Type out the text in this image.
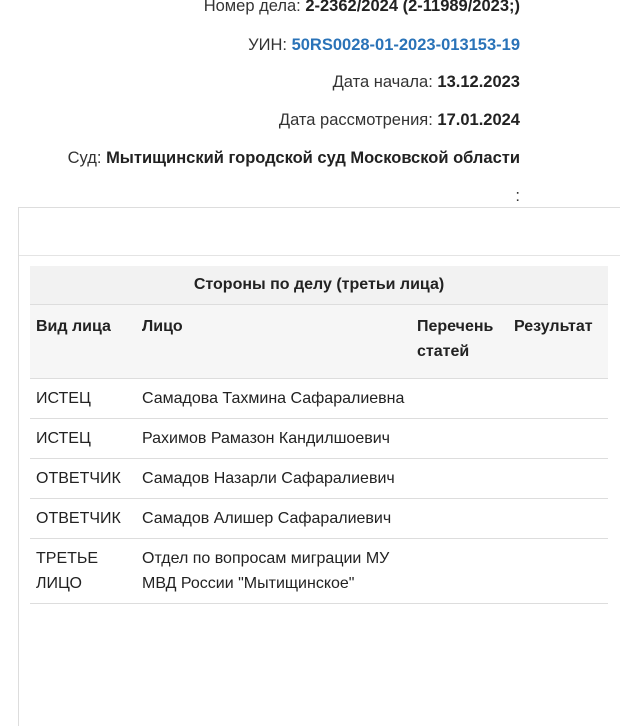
Номер дела: 2-2362/2024 (2-11989/2023;)
УИН: 50RS0028-01-2023-013153-19
Дата начала: 13.12.2023
Дата рассмотрения: 17.01.2024
Суд: Мытищинский городской суд Московской области
:
Стороны по делу (третьи лица)			
Вид лица	Лицо	Перечень статей	Результат
ИСТЕЦ	Самадова Тахмина Сафаралиевна		
ИСТЕЦ	Рахимов Рамазон Кандилшоевич		
ОТВЕТЧИК	Самадов Назарли Сафаралиевич		
ОТВЕТЧИК	Самадов Алишер Сафаралиевич		
ТРЕТЬЕ ЛИЦО	Отдел по вопросам миграции МУ МВД России "Мытищинское"		
